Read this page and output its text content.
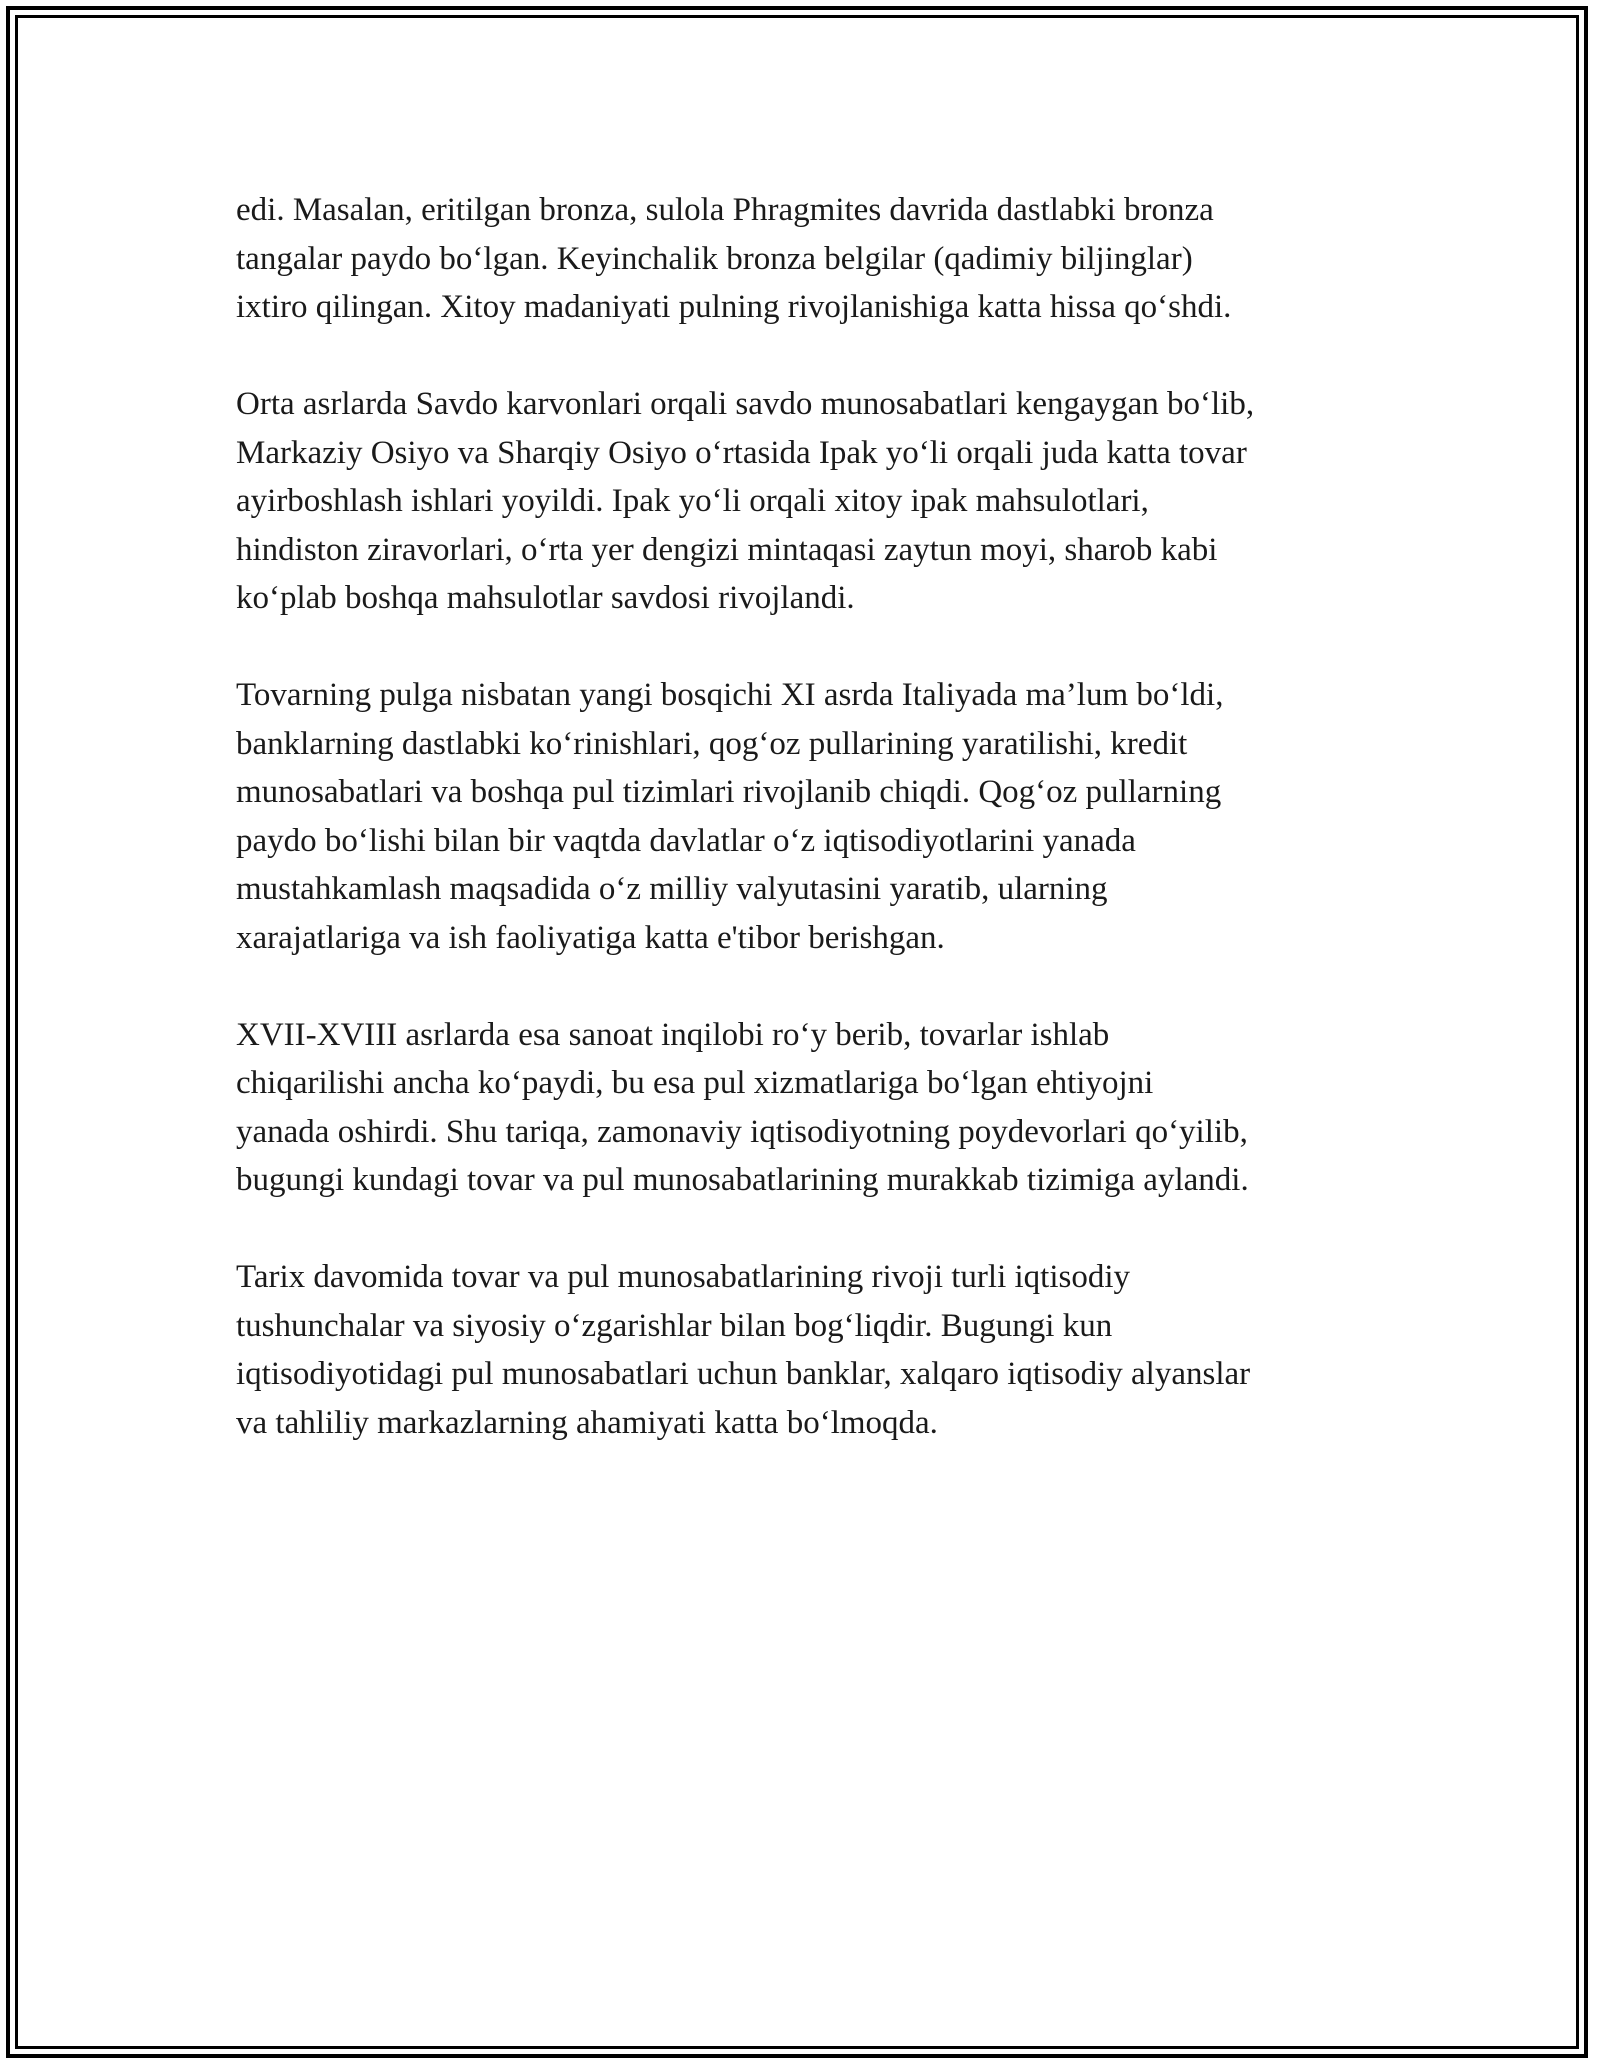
edi. Masalan, eritilgan bronza, sulola Phragmites davrida dastlabki bronza
tangalar paydo bo‘lgan. Keyinchalik bronza belgilar (qadimiy biljinglar)
ixtiro qilingan. Xitoy madaniyati pulning rivojlanishiga katta hissa qo‘shdi.

Orta asrlarda Savdo karvonlari orqali savdo munosabatlari kengaygan bo‘lib,
Markaziy Osiyo va Sharqiy Osiyo o‘rtasida Ipak yo‘li orqali juda katta tovar
ayirboshlash ishlari yoyildi. Ipak yo‘li orqali xitoy ipak mahsulotlari,
hindiston ziravorlari, o‘rta yer dengizi mintaqasi zaytun moyi, sharob kabi
ko‘plab boshqa mahsulotlar savdosi rivojlandi.

Tovarning pulga nisbatan yangi bosqichi XI asrda Italiyada ma’lum bo‘ldi,
banklarning dastlabki ko‘rinishlari, qog‘oz pullarining yaratilishi, kredit
munosabatlari va boshqa pul tizimlari rivojlanib chiqdi. Qog‘oz pullarning
paydo bo‘lishi bilan bir vaqtda davlatlar o‘z iqtisodiyotlarini yanada
mustahkamlash maqsadida o‘z milliy valyutasini yaratib, ularning
xarajatlariga va ish faoliyatiga katta e'tibor berishgan.

XVII-XVIII asrlarda esa sanoat inqilobi ro‘y berib, tovarlar ishlab
chiqarilishi ancha ko‘paydi, bu esa pul xizmatlariga bo‘lgan ehtiyojni
yanada oshirdi. Shu tariqa, zamonaviy iqtisodiyotning poydevorlari qo‘yilib,
bugungi kundagi tovar va pul munosabatlarining murakkab tizimiga aylandi.

Tarix davomida tovar va pul munosabatlarining rivoji turli iqtisodiy
tushunchalar va siyosiy o‘zgarishlar bilan bog‘liqdir. Bugungi kun
iqtisodiyotidagi pul munosabatlari uchun banklar, xalqaro iqtisodiy alyanslar
va tahliliy markazlarning ahamiyati katta bo‘lmoqda.
